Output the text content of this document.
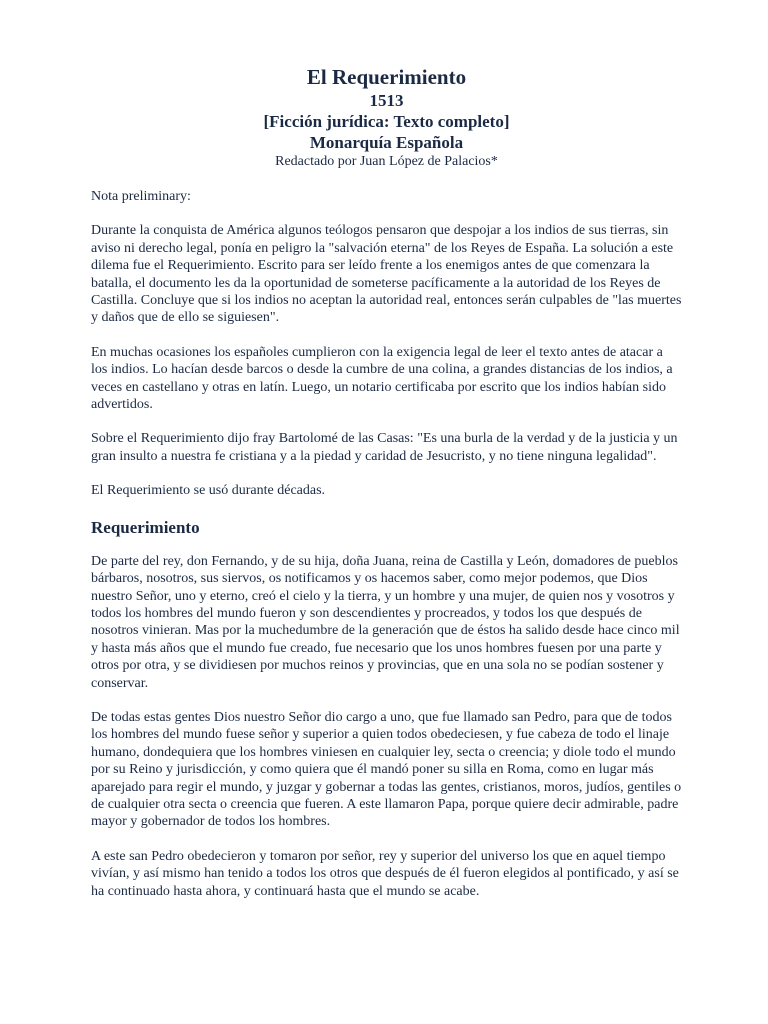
El Requerimiento
1513
[Ficción jurídica: Texto completo]
Monarquía Española
Redactado por Juan López de Palacios*

Nota preliminary:

Durante la conquista de América algunos teólogos pensaron que despojar a los indios de sus tierras, sin aviso ni derecho legal, ponía en peligro la "salvación eterna" de los Reyes de España. La solución a este dilema fue el Requerimiento. Escrito para ser leído frente a los enemigos antes de que comenzara la batalla, el documento les da la oportunidad de someterse pacíficamente a la autoridad de los Reyes de Castilla. Concluye que si los indios no aceptan la autoridad real, entonces serán culpables de "las muertes y daños que de ello se siguiesen".

En muchas ocasiones los españoles cumplieron con la exigencia legal de leer el texto antes de atacar a los indios. Lo hacían desde barcos o desde la cumbre de una colina, a grandes distancias de los indios, a veces en castellano y otras en latín. Luego, un notario certificaba por escrito que los indios habían sido advertidos.

Sobre el Requerimiento dijo fray Bartolomé de las Casas: "Es una burla de la verdad y de la justicia y un gran insulto a nuestra fe cristiana y a la piedad y caridad de Jesucristo, y no tiene ninguna legalidad".

El Requerimiento se usó durante décadas.

Requerimiento

De parte del rey, don Fernando, y de su hija, doña Juana, reina de Castilla y León, domadores de pueblos bárbaros, nosotros, sus siervos, os notificamos y os hacemos saber, como mejor podemos, que Dios nuestro Señor, uno y eterno, creó el cielo y la tierra, y un hombre y una mujer, de quien nos y vosotros y todos los hombres del mundo fueron y son descendientes y procreados, y todos los que después de nosotros vinieran. Mas por la muchedumbre de la generación que de éstos ha salido desde hace cinco mil y hasta más años que el mundo fue creado, fue necesario que los unos hombres fuesen por una parte y otros por otra, y se dividiesen por muchos reinos y provincias, que en una sola no se podían sostener y conservar.

De todas estas gentes Dios nuestro Señor dio cargo a uno, que fue llamado san Pedro, para que de todos los hombres del mundo fuese señor y superior a quien todos obedeciesen, y fue cabeza de todo el linaje humano, dondequiera que los hombres viniesen en cualquier ley, secta o creencia; y diole todo el mundo por su Reino y jurisdicción, y como quiera que él mandó poner su silla en Roma, como en lugar más aparejado para regir el mundo, y juzgar y gobernar a todas las gentes, cristianos, moros, judíos, gentiles o de cualquier otra secta o creencia que fueren. A este llamaron Papa, porque quiere decir admirable, padre mayor y gobernador de todos los hombres.

A este san Pedro obedecieron y tomaron por señor, rey y superior del universo los que en aquel tiempo vivían, y así mismo han tenido a todos los otros que después de él fueron elegidos al pontificado, y así se ha continuado hasta ahora, y continuará hasta que el mundo se acabe.
